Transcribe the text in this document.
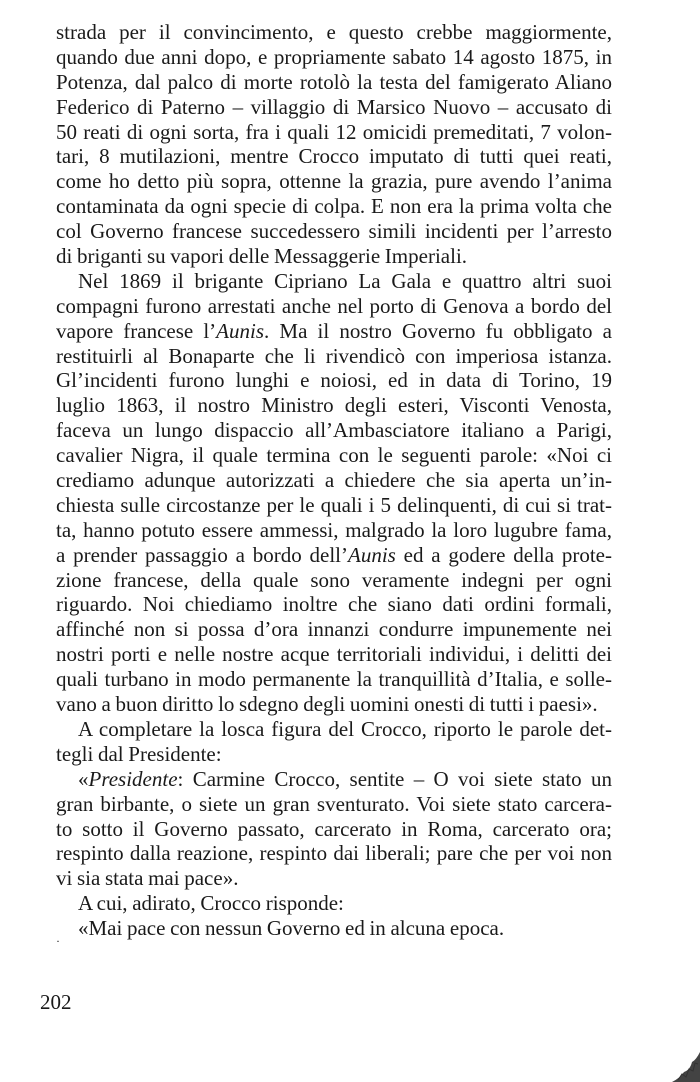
strada per il convincimento, e questo crebbe maggiormente,
quando due anni dopo, e propriamente sabato 14 agosto 1875, in
Potenza, dal palco di morte rotolò la testa del famigerato Aliano
Federico di Paterno – villaggio di Marsico Nuovo – accusato di
50 reati di ogni sorta, fra i quali 12 omicidi premeditati, 7 volon-
tari, 8 mutilazioni, mentre Crocco imputato di tutti quei reati,
come ho detto più sopra, ottenne la grazia, pure avendo l’anima
contaminata da ogni specie di colpa. E non era la prima volta che
col Governo francese succedessero simili incidenti per l’arresto
di briganti su vapori delle Messaggerie Imperiali.
Nel 1869 il brigante Cipriano La Gala e quattro altri suoi
compagni furono arrestati anche nel porto di Genova a bordo del
vapore francese l’Aunis. Ma il nostro Governo fu obbligato a
restituirli al Bonaparte che li rivendicò con imperiosa istanza.
Gl’incidenti furono lunghi e noiosi, ed in data di Torino, 19
luglio 1863, il nostro Ministro degli esteri, Visconti Venosta,
faceva un lungo dispaccio all’Ambasciatore italiano a Parigi,
cavalier Nigra, il quale termina con le seguenti parole: «Noi ci
crediamo adunque autorizzati a chiedere che sia aperta un’in-
chiesta sulle circostanze per le quali i 5 delinquenti, di cui si trat-
ta, hanno potuto essere ammessi, malgrado la loro lugubre fama,
a prender passaggio a bordo dell’Aunis ed a godere della prote-
zione francese, della quale sono veramente indegni per ogni
riguardo. Noi chiediamo inoltre che siano dati ordini formali,
affinché non si possa d’ora innanzi condurre impunemente nei
nostri porti e nelle nostre acque territoriali individui, i delitti dei
quali turbano in modo permanente la tranquillità d’Italia, e solle-
vano a buon diritto lo sdegno degli uomini onesti di tutti i paesi».
A completare la losca figura del Crocco, riporto le parole det-
tegli dal Presidente:
«Presidente: Carmine Crocco, sentite – O voi siete stato un
gran birbante, o siete un gran sventurato. Voi siete stato carcera-
to sotto il Governo passato, carcerato in Roma, carcerato ora;
respinto dalla reazione, respinto dai liberali; pare che per voi non
vi sia stata mai pace».
A cui, adirato, Crocco risponde:
«Mai pace con nessun Governo ed in alcuna epoca.
·
202
